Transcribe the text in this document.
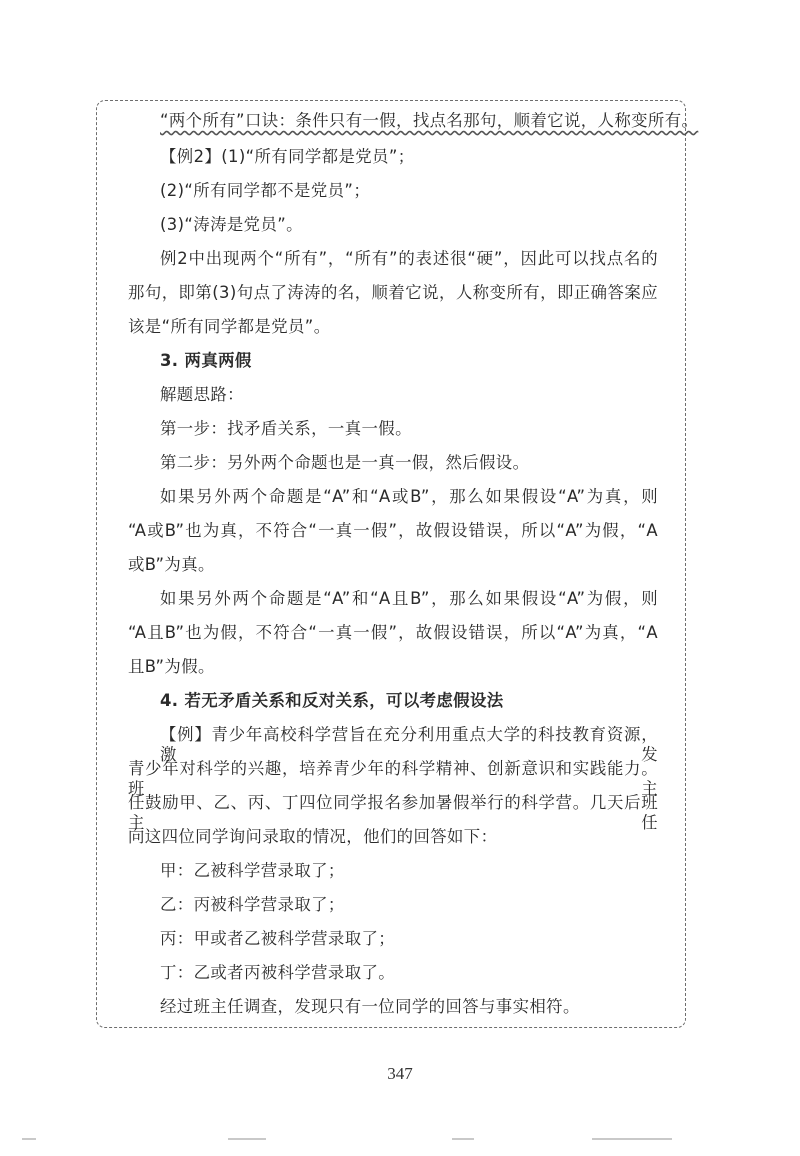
“两个所有”口诀：条件只有一假，找点名那句，顺着它说，人称变所有。
【例2】(1)“所有同学都是党员”；
(2)“所有同学都不是党员”；
(3)“涛涛是党员”。
例2中出现两个“所有”，“所有”的表述很“硬”，因此可以找点名的
那句，即第(3)句点了涛涛的名，顺着它说，人称变所有，即正确答案应
该是“所有同学都是党员”。
3. 两真两假
解题思路：
第一步：找矛盾关系，一真一假。
第二步：另外两个命题也是一真一假，然后假设。
如果另外两个命题是“A”和“A或B”，那么如果假设“A”为真，则
“A或B”也为真，不符合“一真一假”，故假设错误，所以“A”为假，“A
或B”为真。
如果另外两个命题是“A”和“A且B”，那么如果假设“A”为假，则
“A且B”也为假，不符合“一真一假”，故假设错误，所以“A”为真，“A
且B”为假。
4. 若无矛盾关系和反对关系，可以考虑假设法
【例】青少年高校科学营旨在充分利用重点大学的科技教育资源，激发
青少年对科学的兴趣，培养青少年的科学精神、创新意识和实践能力。班主
任鼓励甲、乙、丙、丁四位同学报名参加暑假举行的科学营。几天后班主任
向这四位同学询问录取的情况，他们的回答如下：
甲：乙被科学营录取了；
乙：丙被科学营录取了；
丙：甲或者乙被科学营录取了；
丁：乙或者丙被科学营录取了。
经过班主任调查，发现只有一位同学的回答与事实相符。
347
